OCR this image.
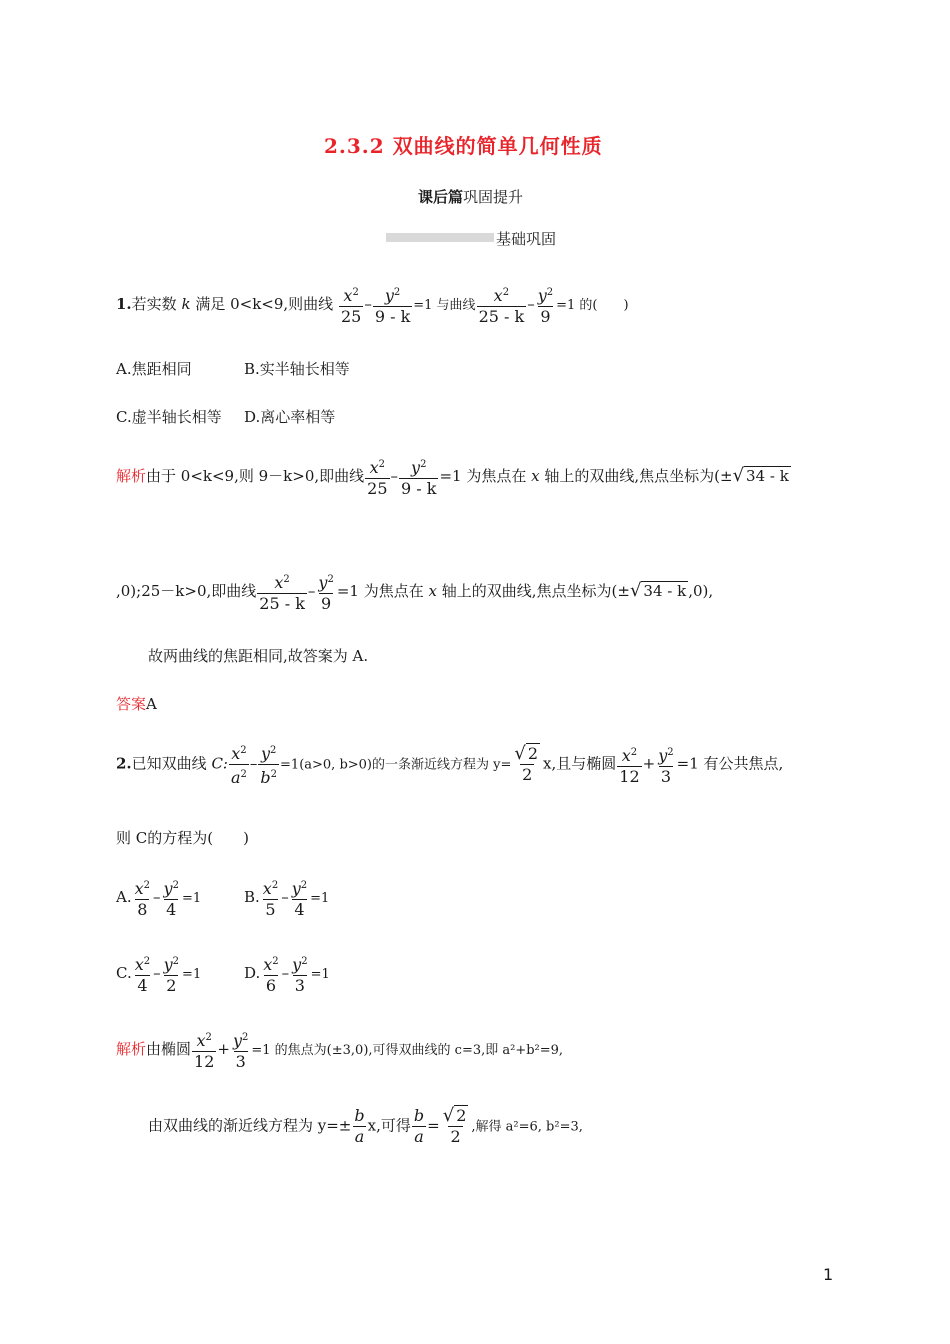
2.3.2 双曲线的简单几何性质
课后篇巩固提升
基础巩固
1.若实数 k 满足 0<k<9,则曲线 $\frac{x^2}{25} - \frac{y^2}{9 - k} =1$ 与曲线 $\frac{x^2}{25 - k} - \frac{y^2}{9} =1$ 的(　　)
A.焦距相同	B.实半轴长相等
C.虚半轴长相等 D.离心率相等
解析由于 0<k<9,则 9－k>0,即曲线 $\frac{x^2}{25} - \frac{y^2}{9 - k} =1$ 为焦点在 x 轴上的双曲线,焦点坐标为(±√ 34 - k
,0);25－k>0,即曲线 $\frac{x^2}{25 - k} - \frac{y^2}{9} =1$ 为焦点在 x 轴上的双曲线,焦点坐标为(±√ 34 - k ,0),
故两曲线的焦距相同,故答案为 A.
答案A
2.已知双曲线 C: $\frac{x^2}{a^2} - \frac{y^2}{b^2} =1(a>0$, b>0)的一条渐近线方程为 $y= \frac{√ 2}{2} x$,且与椭圆 $\frac{x^2}{12} + \frac{y^2}{3} =1$ 有公共焦点,
则 C的方程为(　　)
A. $\frac{x^2}{8} - \frac{y^2}{4} =1$	B. $\frac{x^2}{5} - \frac{y^2}{4} =1$
C. $\frac{x^2}{4} - \frac{y^2}{2} =1$	D. $\frac{x^2}{6} - \frac{y^2}{3} =1$
解析由椭圆 $\frac{x^2}{12} + \frac{y^2}{3} =1$ 的焦点为(±3,0),可得双曲线的 c=3,即 a²+b²=9,
由双曲线的渐近线方程为 $y=\pm \frac{b}{a} x$,可得 $\frac{b}{a} = \frac{√ 2}{2}$ ,解得 a²=6, b²=3,
1
